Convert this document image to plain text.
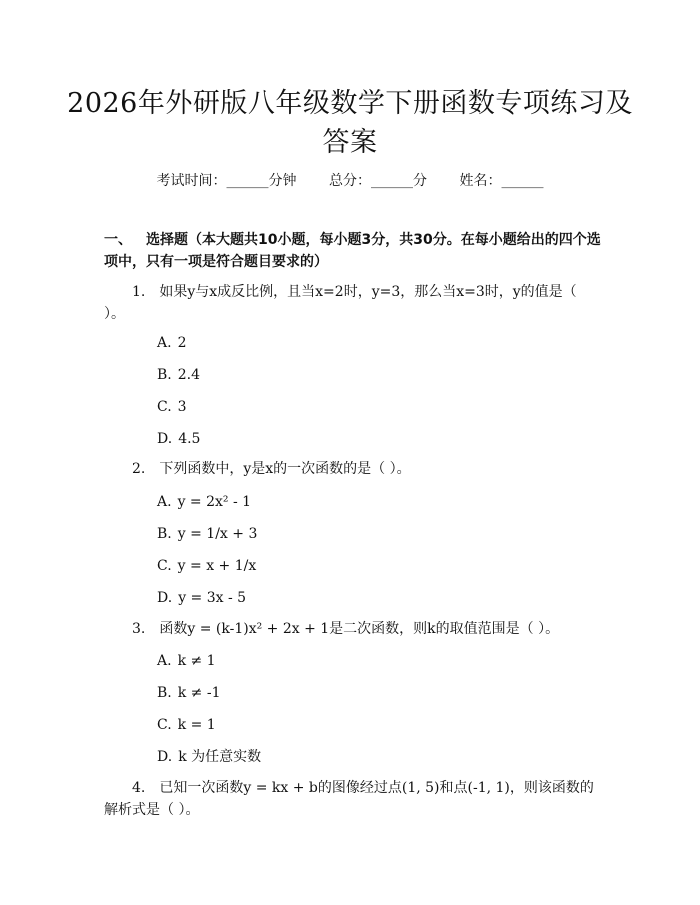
2026年外研版八年级数学下册函数专项练习及答案
考试时间：______分钟 总分：______分 姓名：______

一、 选择题（本大题共10小题，每小题3分，共30分。在每小题给出的四个选项中，只有一项是符合题目要求的）

1. 如果y与x成反比例，且当x=2时，y=3，那么当x=3时，y的值是（ ）。

A. 2

B. 2.4

C. 3

D. 4.5

2. 下列函数中，y是x的一次函数的是（ ）。

A. y = 2x² - 1

B. y = 1/x + 3

C. y = x + 1/x

D. y = 3x - 5

3. 函数y = (k-1)x² + 2x + 1是二次函数，则k的取值范围是（ ）。

A. k ≠ 1

B. k ≠ -1

C. k = 1

D. k 为任意实数

4. 已知一次函数y = kx + b的图像经过点(1, 5)和点(-1, 1)，则该函数的解析式是（ ）。
